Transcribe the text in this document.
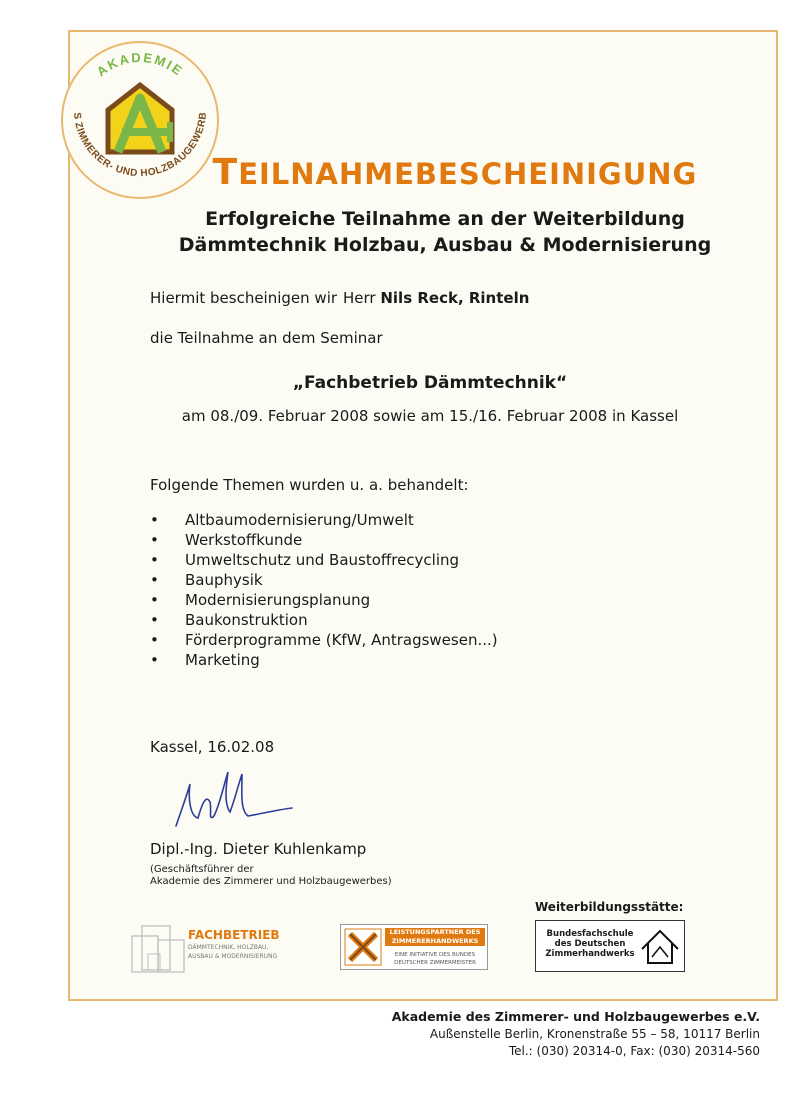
AKADEMIE
S ZIMMERER- UND HOLZBAUGEWERB
TEILNAHMEBESCHEINIGUNG
Erfolgreiche Teilnahme an der Weiterbildung
Dämmtechnik Holzbau, Ausbau & Modernisierung
Hiermit bescheinigen wir Herr Nils Reck, Rinteln
die Teilnahme an dem Seminar
„Fachbetrieb Dämmtechnik“
am 08./09. Februar 2008 sowie am 15./16. Februar 2008 in Kassel
Folgende Themen wurden u. a. behandelt:
• Altbaumodernisierung/Umwelt
• Werkstoffkunde
• Umweltschutz und Baustoffrecycling
• Bauphysik
• Modernisierungsplanung
• Baukonstruktion
• Förderprogramme (KfW, Antragswesen...)
• Marketing
Kassel, 16.02.08
Dipl.-Ing. Dieter Kuhlenkamp
(Geschäftsführer der
Akademie des Zimmerer und Holzbaugewerbes)
FACHBETRIEB
DÄMMTECHNIK, HOLZBAU,
AUSBAU & MODERNISIERUNG
LEISTUNGSPARTNER DES
ZIMMERERHANDWERKS
EINE INITIATIVE DES BUNDES
DEUTSCHER ZIMMERMEISTER
Weiterbildungsstätte:
Bundesfachschule
des Deutschen
Zimmerhandwerks
Akademie des Zimmerer- und Holzbaugewerbes e.V.
Außenstelle Berlin, Kronenstraße 55 – 58, 10117 Berlin
Tel.: (030) 20314-0, Fax: (030) 20314-560
